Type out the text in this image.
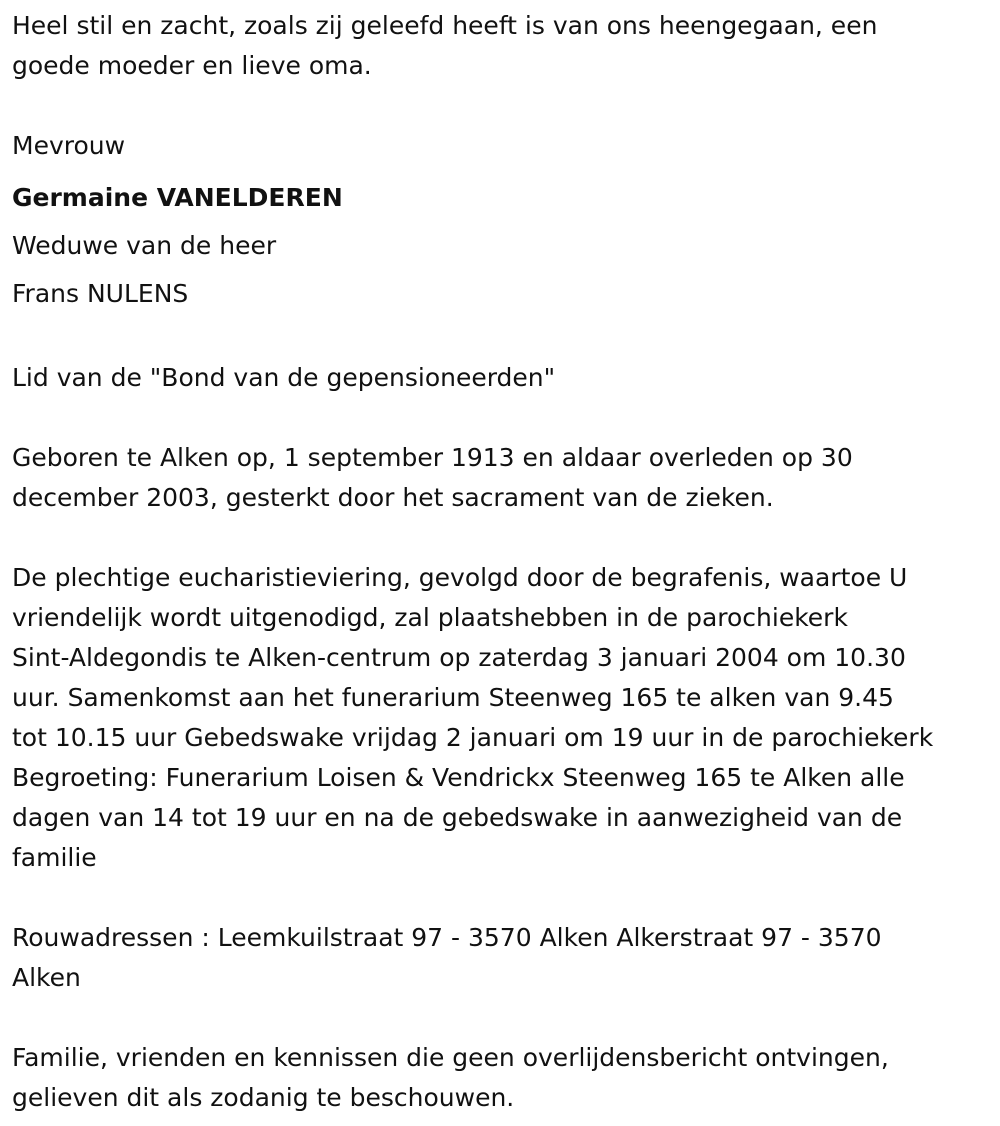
Heel stil en zacht, zoals zij geleefd heeft is van ons heengegaan, een
goede moeder en lieve oma.

Mevrouw
Germaine VANELDEREN
Weduwe van de heer
Frans NULENS

Lid van de "Bond van de gepensioneerden"

Geboren te Alken op, 1 september 1913 en aldaar overleden op 30
december 2003, gesterkt door het sacrament van de zieken.

De plechtige eucharistieviering, gevolgd door de begrafenis, waartoe U
vriendelijk wordt uitgenodigd, zal plaatshebben in de parochiekerk
Sint-Aldegondis te Alken-centrum op zaterdag 3 januari 2004 om 10.30
uur. Samenkomst aan het funerarium Steenweg 165 te alken van 9.45
tot 10.15 uur Gebedswake vrijdag 2 januari om 19 uur in de parochiekerk
Begroeting: Funerarium Loisen & Vendrickx Steenweg 165 te Alken alle
dagen van 14 tot 19 uur en na de gebedswake in aanwezigheid van de
familie

Rouwadressen : Leemkuilstraat 97 - 3570 Alken Alkerstraat 97 - 3570
Alken

Familie, vrienden en kennissen die geen overlijdensbericht ontvingen,
gelieven dit als zodanig te beschouwen.
